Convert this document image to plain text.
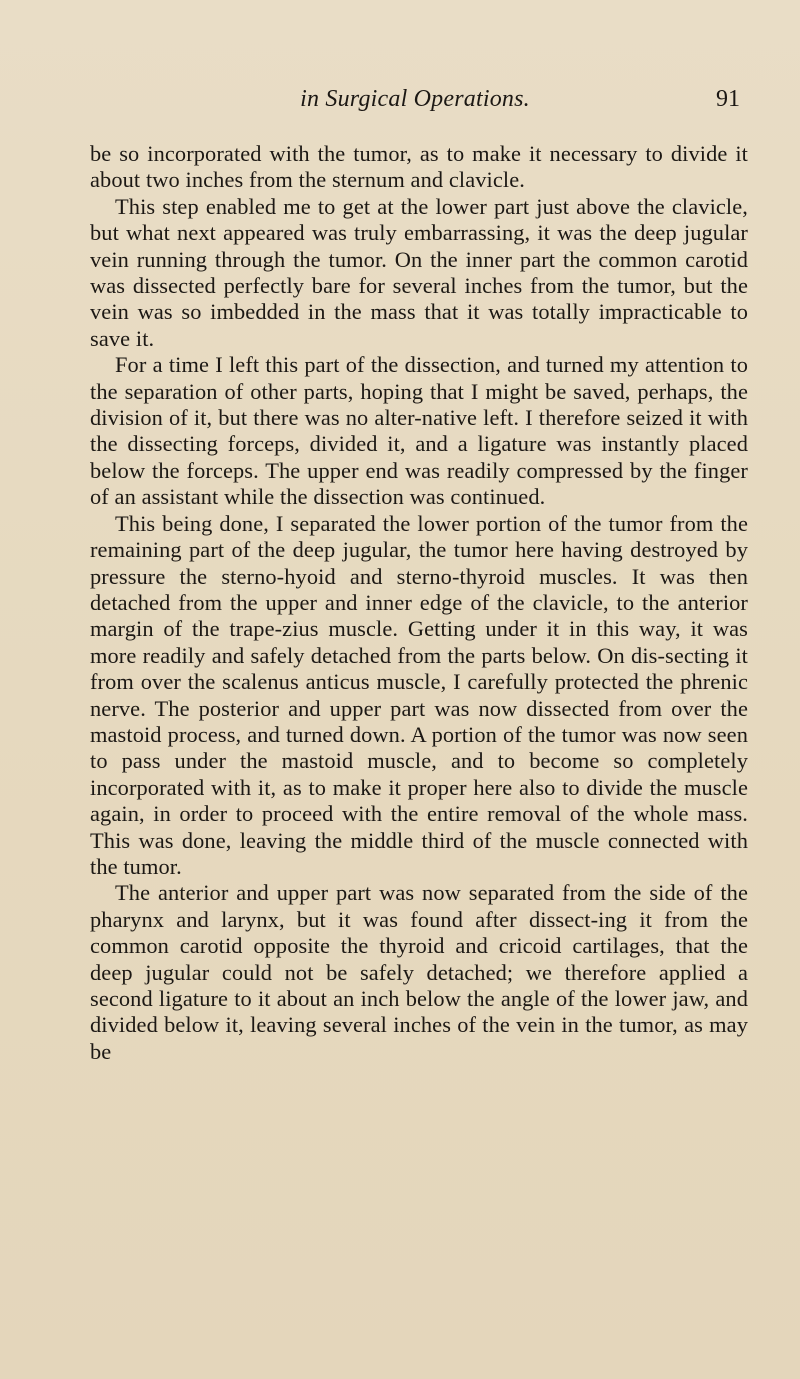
in Surgical Operations.	91

be so incorporated with the tumor, as to make it necessary to divide it about two inches from the sternum and clavicle.

This step enabled me to get at the lower part just above the clavicle, but what next appeared was truly embarrassing, it was the deep jugular vein running through the tumor. On the inner part the common carotid was dissected perfectly bare for several inches from the tumor, but the vein was so imbedded in the mass that it was totally impracticable to save it.

For a time I left this part of the dissection, and turned my attention to the separation of other parts, hoping that I might be saved, perhaps, the division of it, but there was no alter-native left. I therefore seized it with the dissecting forceps, divided it, and a ligature was instantly placed below the forceps. The upper end was readily compressed by the finger of an assistant while the dissection was continued.

This being done, I separated the lower portion of the tumor from the remaining part of the deep jugular, the tumor here having destroyed by pressure the sterno-hyoid and sterno-thyroid muscles. It was then detached from the upper and inner edge of the clavicle, to the anterior margin of the trape-zius muscle. Getting under it in this way, it was more readily and safely detached from the parts below. On dis-secting it from over the scalenus anticus muscle, I carefully protected the phrenic nerve. The posterior and upper part was now dissected from over the mastoid process, and turned down. A portion of the tumor was now seen to pass under the mastoid muscle, and to become so completely incorporated with it, as to make it proper here also to divide the muscle again, in order to proceed with the entire removal of the whole mass. This was done, leaving the middle third of the muscle connected with the tumor.

The anterior and upper part was now separated from the side of the pharynx and larynx, but it was found after dissect-ing it from the common carotid opposite the thyroid and cricoid cartilages, that the deep jugular could not be safely detached; we therefore applied a second ligature to it about an inch below the angle of the lower jaw, and divided below it, leaving several inches of the vein in the tumor, as may be
